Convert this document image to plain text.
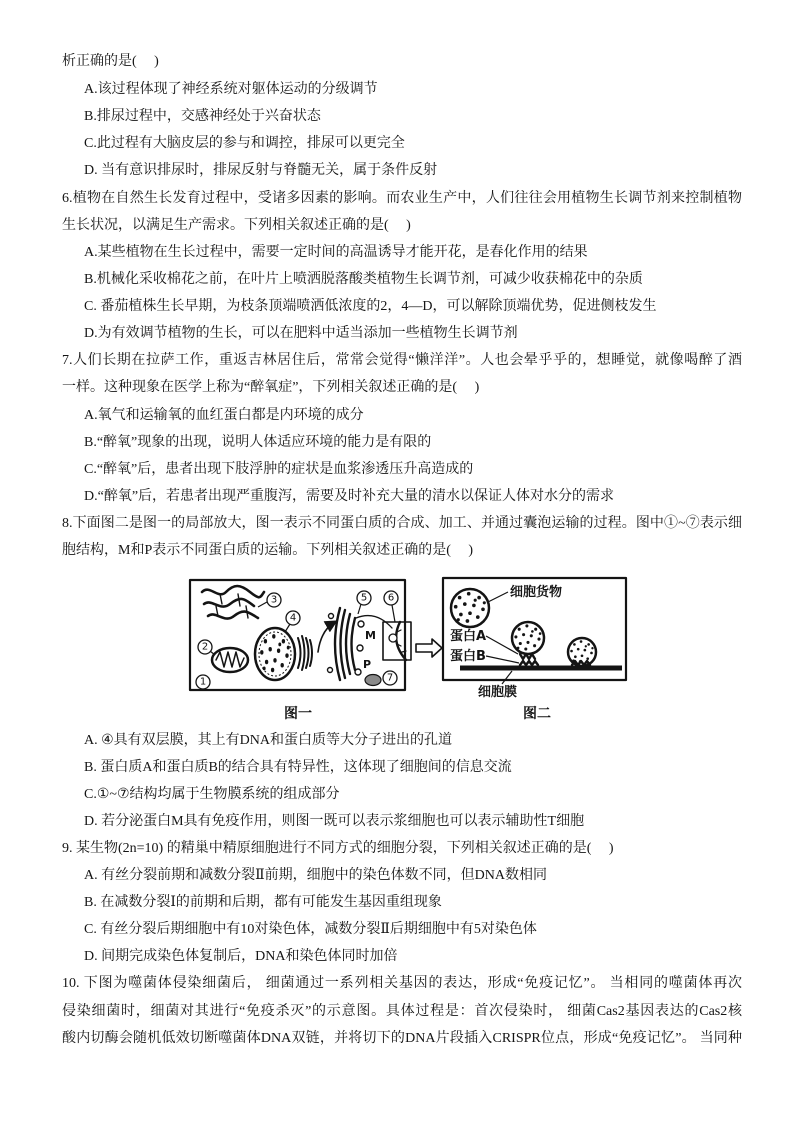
析正确的是(     )
A.该过程体现了神经系统对躯体运动的分级调节
B.排尿过程中，交感神经处于兴奋状态
C.此过程有大脑皮层的参与和调控，排尿可以更完全
D. 当有意识排尿时，排尿反射与脊髓无关，属于条件反射
6.植物在自然生长发育过程中，受诸多因素的影响。而农业生产中，人们往往会用植物生长调节剂来控制植物
生长状况，以满足生产需求。下列相关叙述正确的是(     )
A.某些植物在生长过程中，需要一定时间的高温诱导才能开花，是春化作用的结果
B.机械化采收棉花之前，在叶片上喷洒脱落酸类植物生长调节剂，可减少收获棉花中的杂质
C. 番茄植株生长早期，为枝条顶端喷洒低浓度的2，4—D，可以解除顶端优势，促进侧枝发生
D.为有效调节植物的生长，可以在肥料中适当添加一些植物生长调节剂
7.人们长期在拉萨工作，重返吉林居住后，常常会觉得“懒洋洋”。人也会晕乎乎的，想睡觉，就像喝醉了酒
一样。这种现象在医学上称为“醉氧症”，下列相关叙述正确的是(     )
A.氧气和运输氧的血红蛋白都是内环境的成分
B.“醉氧”现象的出现，说明人体适应环境的能力是有限的
C.“醉氧”后，患者出现下肢浮肿的症状是血浆渗透压升高造成的
D.“醉氧”后，若患者出现严重腹泻，需要及时补充大量的清水以保证人体对水分的需求
8.下面图二是图一的局部放大，图一表示不同蛋白质的合成、加工、并通过囊泡运输的过程。图中①~⑦表示细
胞结构，M和P表示不同蛋白质的运输。下列相关叙述正确的是(     )
M
P
1
2
3
4
5 6
7
细胞货物
蛋白A
蛋白B
细胞膜
图一	图二
A. ④具有双层膜，其上有DNA和蛋白质等大分子进出的孔道
B. 蛋白质A和蛋白质B的结合具有特异性，这体现了细胞间的信息交流
C.①~⑦结构均属于生物膜系统的组成部分
D. 若分泌蛋白M具有免疫作用，则图一既可以表示浆细胞也可以表示辅助性T细胞
9. 某生物(2n=10) 的精巢中精原细胞进行不同方式的细胞分裂，下列相关叙述正确的是(     )
A. 有丝分裂前期和减数分裂Ⅱ前期，细胞中的染色体数不同，但DNA数相同
B. 在减数分裂Ⅰ的前期和后期，都有可能发生基因重组现象
C. 有丝分裂后期细胞中有10对染色体，减数分裂Ⅱ后期细胞中有5对染色体
D. 间期完成染色体复制后，DNA和染色体同时加倍
10. 下图为噬菌体侵染细菌后， 细菌通过一系列相关基因的表达，形成“免疫记忆”。 当相同的噬菌体再次
侵染细菌时，细菌对其进行“免疫杀灭”的示意图。具体过程是：首次侵染时， 细菌Cas2基因表达的Cas2核
酸内切酶会随机低效切断噬菌体DNA双链，并将切下的DNA片段插入CRISPR位点，形成“免疫记忆”。 当同种
